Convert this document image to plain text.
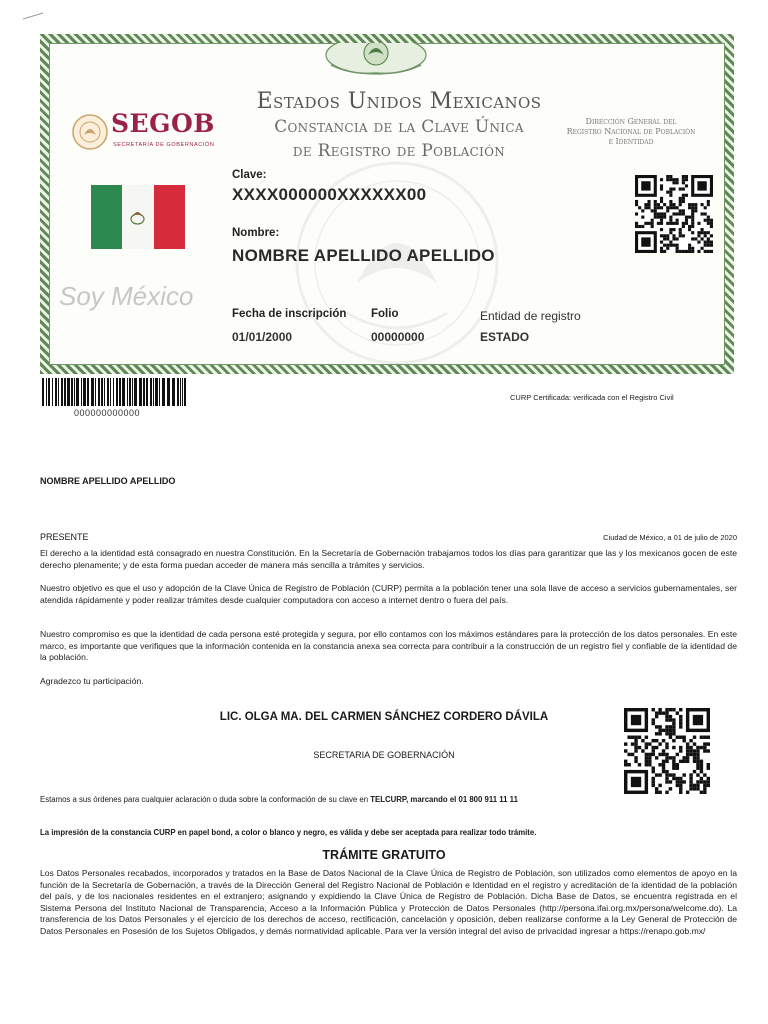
SEGOB
SECRETARÍA DE GOBERNACIÓN
Estados Unidos Mexicanos
Constancia de la Clave Única
de Registro de Población
Dirección General del
Registro Nacional de Población
e Identidad
Soy México
Clave:
XXXX000000XXXXXX00
Nombre:
NOMBRE APELLIDO APELLIDO
Fecha de inscripción
01/01/2000
Folio
00000000
Entidad de registro
ESTADO
000000000000
CURP Certificada: verificada con el Registro Civil
NOMBRE APELLIDO APELLIDO
PRESENTE	Ciudad de México, a 01 de julio de 2020

El derecho a la identidad está consagrado en nuestra Constitución. En la Secretaría de Gobernación trabajamos todos los días para garantizar que las y los mexicanos gocen de este derecho plenamente; y de esta forma puedan acceder de manera más sencilla a trámites y servicios.

Nuestro objetivo es que el uso y adopción de la Clave Única de Registro de Población (CURP) permita a la población tener una sola llave de acceso a servicios gubernamentales, ser atendida rápidamente y poder realizar trámites desde cualquier computadora con acceso a internet dentro o fuera del país.

Nuestro compromiso es que la identidad de cada persona esté protegida y segura, por ello contamos con los máximos estándares para la protección de los datos personales. En este marco, es importante que verifiques que la información contenida en la constancia anexa sea correcta para contribuir a la construcción de un registro fiel y confiable de la identidad de la población.

Agradezco tu participación.
LIC. OLGA MA. DEL CARMEN SÁNCHEZ CORDERO DÁVILA
SECRETARIA DE GOBERNACIÓN
Estamos a sus órdenes para cualquier aclaración o duda sobre la conformación de su clave en TELCURP, marcando el 01 800 911 11 11
La impresión de la constancia CURP en papel bond, a color o blanco y negro, es válida y debe ser aceptada para realizar todo trámite.
TRÁMITE GRATUITO

Los Datos Personales recabados, incorporados y tratados en la Base de Datos Nacional de la Clave Única de Registro de Población, son utilizados como elementos de apoyo en la función de la Secretaría de Gobernación, a través de la Dirección General del Registro Nacional de Población e Identidad en el registro y acreditación de la identidad de la población del país, y de los nacionales residentes en el extranjero; asignando y expidiendo la Clave Única de Registro de Población. Dicha Base de Datos, se encuentra registrada en el Sistema Persona del Instituto Nacional de Transparencia, Acceso a la Información Pública y Protección de Datos Personales (http://persona.ifai.org.mx/persona/welcome.do). La transferencia de los Datos Personales y el ejercicio de los derechos de acceso, rectificación, cancelación y oposición, deben realizarse conforme a la Ley General de Protección de Datos Personales en Posesión de los Sujetos Obligados, y demás normatividad aplicable. Para ver la versión integral del aviso de privacidad ingresar a https://renapo.gob.mx/
